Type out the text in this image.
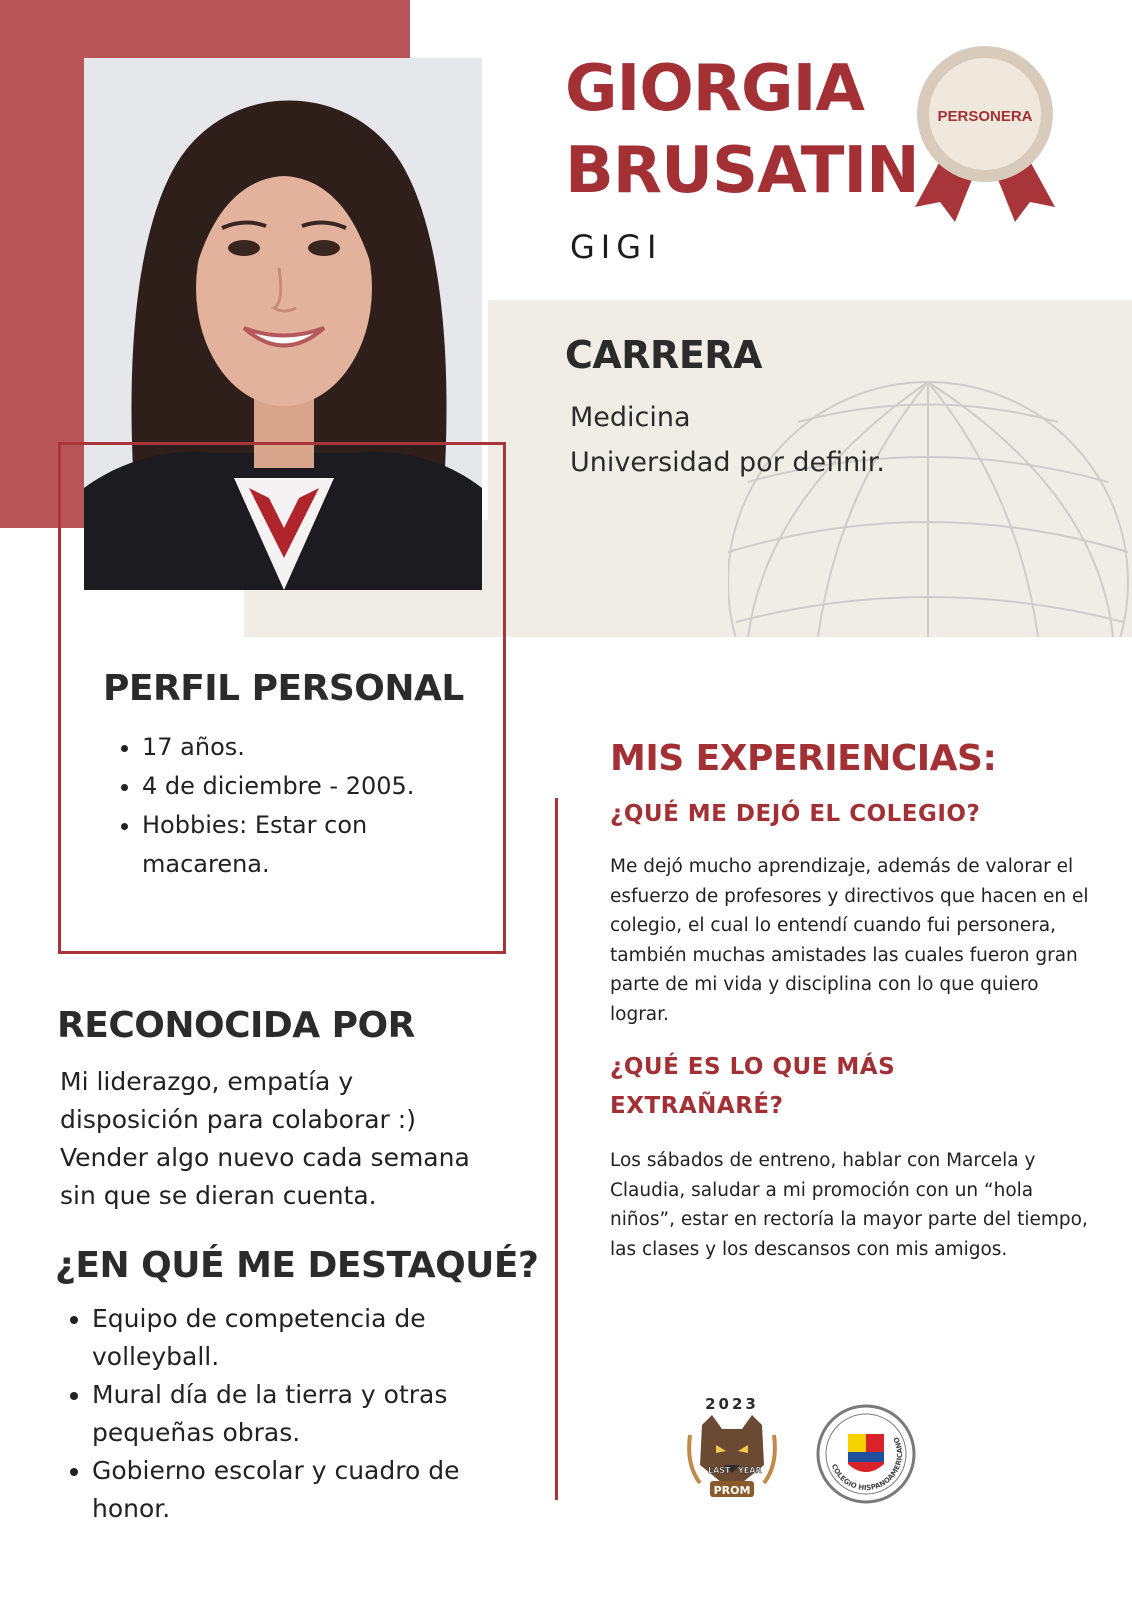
GIORGIA
BRUSATIN
GIGI
PERSONERA
CARRERA
Medicina
Universidad por definir.
PERFIL PERSONAL
• 17 años.
• 4 de diciembre - 2005.
• Hobbies: Estar con macarena.
RECONOCIDA POR
Mi liderazgo, empatía y
disposición para colaborar :)
Vender algo nuevo cada semana
sin que se dieran cuenta.
¿EN QUÉ ME DESTAQUÉ?
• Equipo de competencia de volleyball.
• Mural día de la tierra y otras pequeñas obras.
• Gobierno escolar y cuadro de honor.
MIS EXPERIENCIAS:
¿QUÉ ME DEJÓ EL COLEGIO?
Me dejó mucho aprendizaje, además de valorar el esfuerzo de profesores y directivos que hacen en el colegio, el cual lo entendí cuando fui personera, también muchas amistades las cuales fueron gran parte de mi vida y disciplina con lo que quiero lograr.
¿QUÉ ES LO QUE MÁS EXTRAÑARÉ?
Los sábados de entreno, hablar con Marcela y Claudia, saludar a mi promoción con un “hola niños”, estar en rectoría la mayor parte del tiempo, las clases y los descansos con mis amigos.
2023
LAST YEAR
PROM
COLEGIO HISPANOAMERICANO
